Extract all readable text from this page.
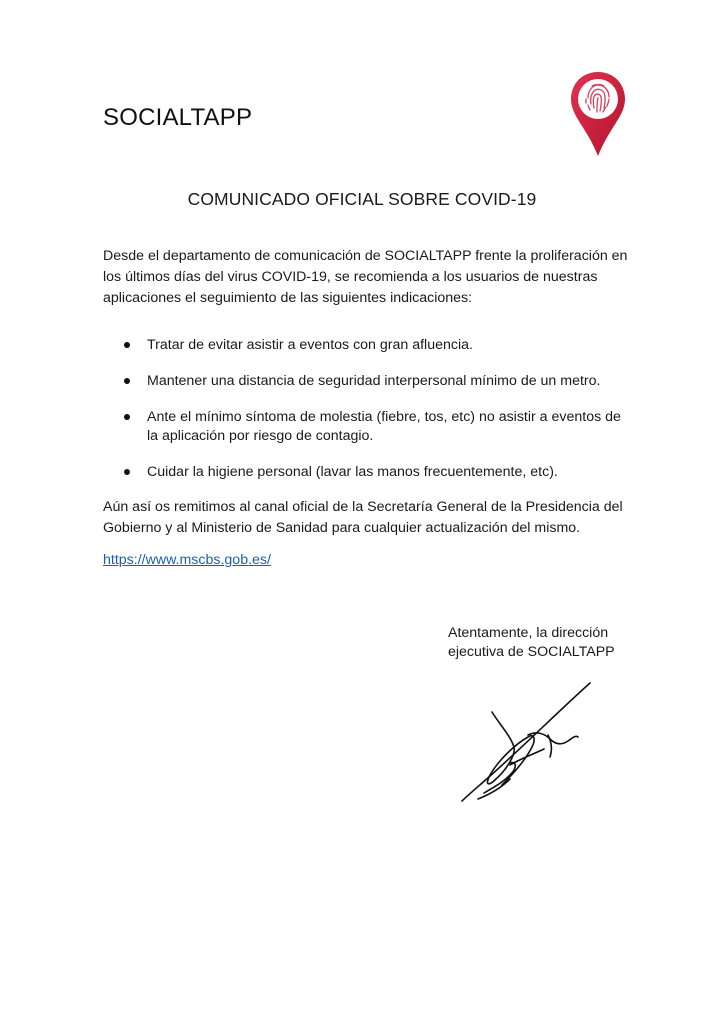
SOCIALTAPP
COMUNICADO OFICIAL SOBRE COVID-19

Desde el departamento de comunicación de SOCIALTAPP frente la proliferación en los últimos días del virus COVID-19, se recomienda a los usuarios de nuestras aplicaciones el seguimiento de las siguientes indicaciones:

Tratar de evitar asistir a eventos con gran afluencia.
Mantener una distancia de seguridad interpersonal mínimo de un metro.
Ante el mínimo síntoma de molestia (fiebre, tos, etc) no asistir a eventos de la aplicación por riesgo de contagio.
Cuidar la higiene personal (lavar las manos frecuentemente, etc).

Aún así os remitimos al canal oficial de la Secretaría General de la Presidencia del Gobierno y al Ministerio de Sanidad para cualquier actualización del mismo.

https://www.mscbs.gob.es/
Atentamente, la dirección
ejecutiva de SOCIALTAPP
